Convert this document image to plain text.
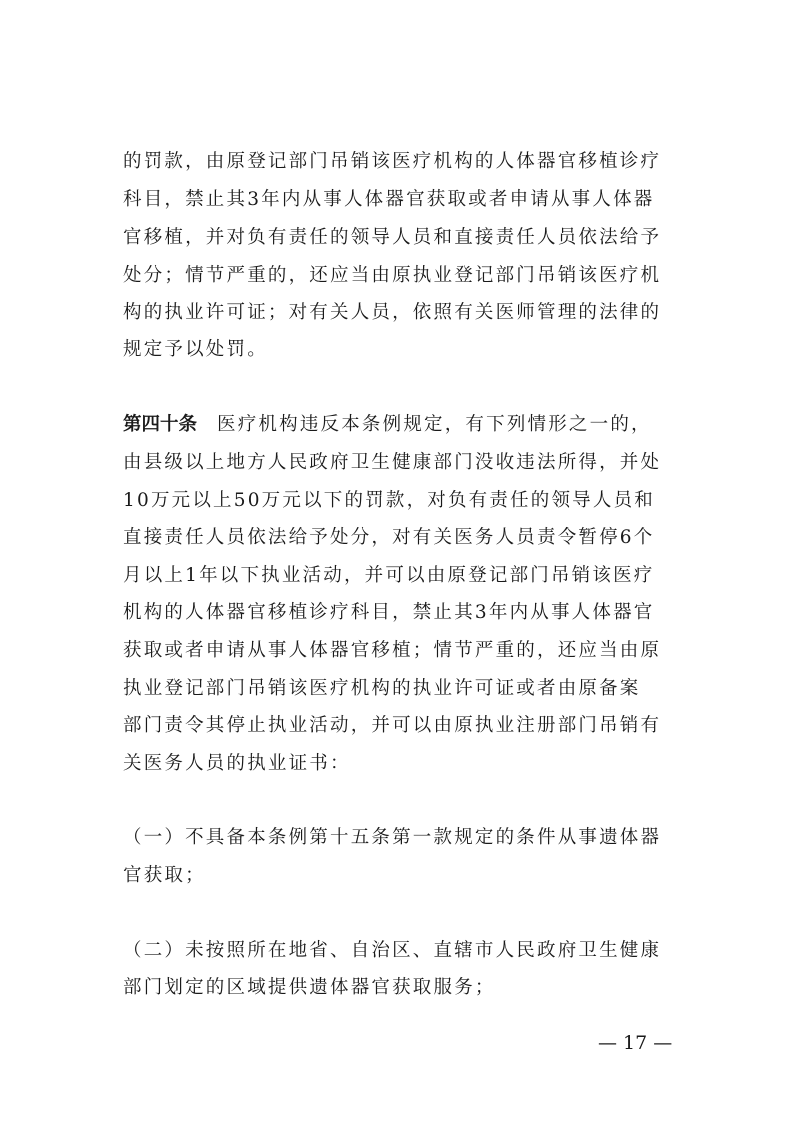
的罚款，由原登记部门吊销该医疗机构的人体器官移植诊疗
科目，禁止其3年内从事人体器官获取或者申请从事人体器
官移植，并对负有责任的领导人员和直接责任人员依法给予
处分；情节严重的，还应当由原执业登记部门吊销该医疗机
构的执业许可证；对有关人员，依照有关医师管理的法律的
规定予以处罚。
第四十条 医疗机构违反本条例规定，有下列情形之一的，
由县级以上地方人民政府卫生健康部门没收违法所得，并处
10万元以上50万元以下的罚款，对负有责任的领导人员和
直接责任人员依法给予处分，对有关医务人员责令暂停6个
月以上1年以下执业活动，并可以由原登记部门吊销该医疗
机构的人体器官移植诊疗科目，禁止其3年内从事人体器官
获取或者申请从事人体器官移植；情节严重的，还应当由原
执业登记部门吊销该医疗机构的执业许可证或者由原备案
部门责令其停止执业活动，并可以由原执业注册部门吊销有
关医务人员的执业证书：
（一）不具备本条例第十五条第一款规定的条件从事遗体器
官获取；
（二）未按照所在地省、自治区、直辖市人民政府卫生健康
部门划定的区域提供遗体器官获取服务；
— 17 —
